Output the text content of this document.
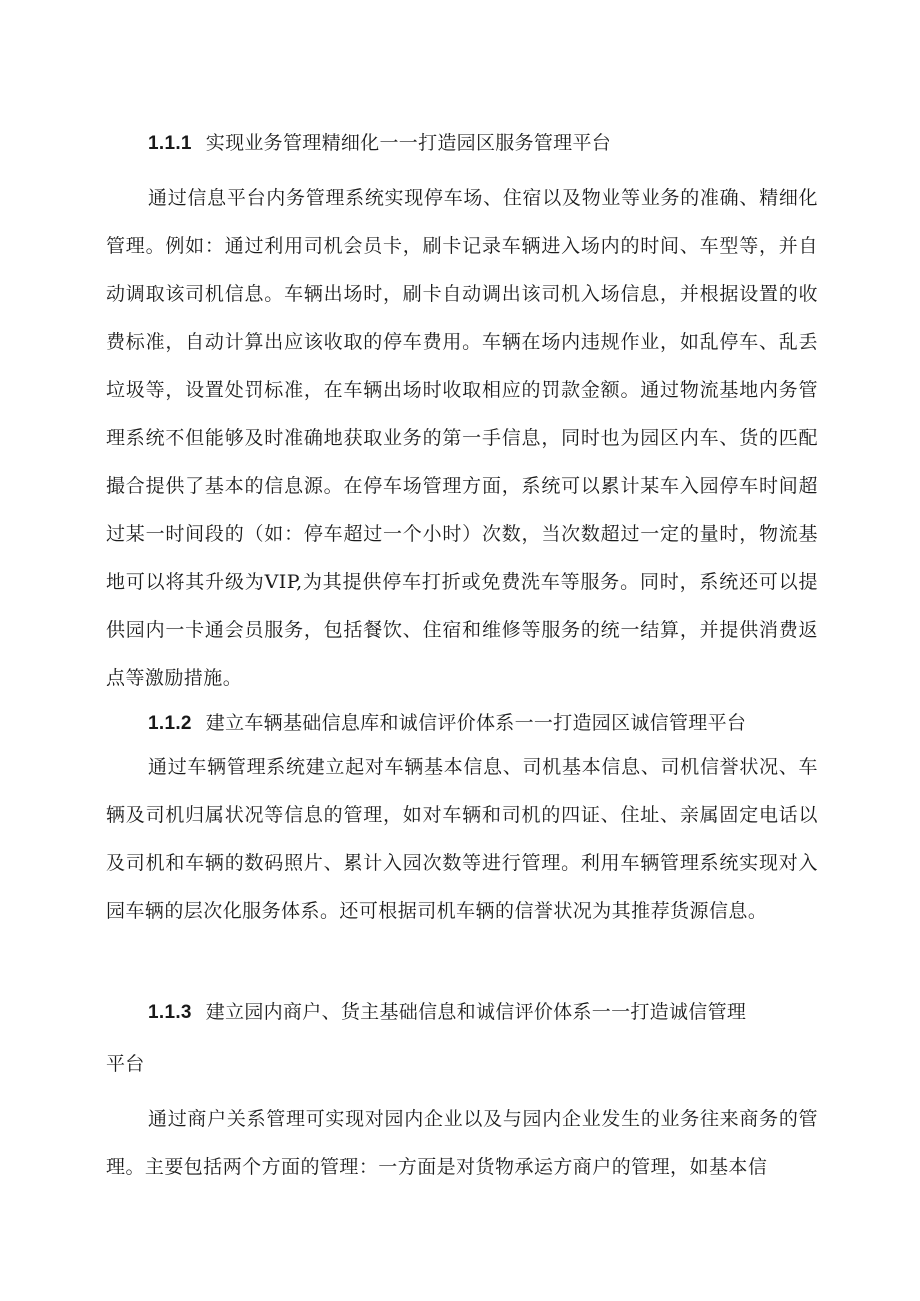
1.1.1 实现业务管理精细化一一打造园区服务管理平台

通过信息平台内务管理系统实现停车场、住宿以及物业等业务的准确、精细化管理。例如：通过利用司机会员卡，刷卡记录车辆进入场内的时间、车型等，并自动调取该司机信息。车辆出场时，刷卡自动调出该司机入场信息，并根据设置的收费标准，自动计算出应该收取的停车费用。车辆在场内违规作业，如乱停车、乱丢垃圾等，设置处罚标准，在车辆出场时收取相应的罚款金额。通过物流基地内务管理系统不但能够及时准确地获取业务的第一手信息，同时也为园区内车、货的匹配撮合提供了基本的信息源。在停车场管理方面，系统可以累计某车入园停车时间超过某一时间段的（如：停车超过一个小时）次数，当次数超过一定的量时，物流基地可以将其升级为VIP,为其提供停车打折或免费洗车等服务。同时，系统还可以提供园内一卡通会员服务，包括餐饮、住宿和维修等服务的统一结算，并提供消费返点等激励措施。

1.1.2 建立车辆基础信息库和诚信评价体系一一打造园区诚信管理平台

通过车辆管理系统建立起对车辆基本信息、司机基本信息、司机信誉状况、车辆及司机归属状况等信息的管理，如对车辆和司机的四证、住址、亲属固定电话以及司机和车辆的数码照片、累计入园次数等进行管理。利用车辆管理系统实现对入园车辆的层次化服务体系。还可根据司机车辆的信誉状况为其推荐货源信息。

1.1.3 建立园内商户、货主基础信息和诚信评价体系一一打造诚信管理
平台

通过商户关系管理可实现对园内企业以及与园内企业发生的业务往来商务的管理。主要包括两个方面的管理：一方面是对货物承运方商户的管理，如基本信
